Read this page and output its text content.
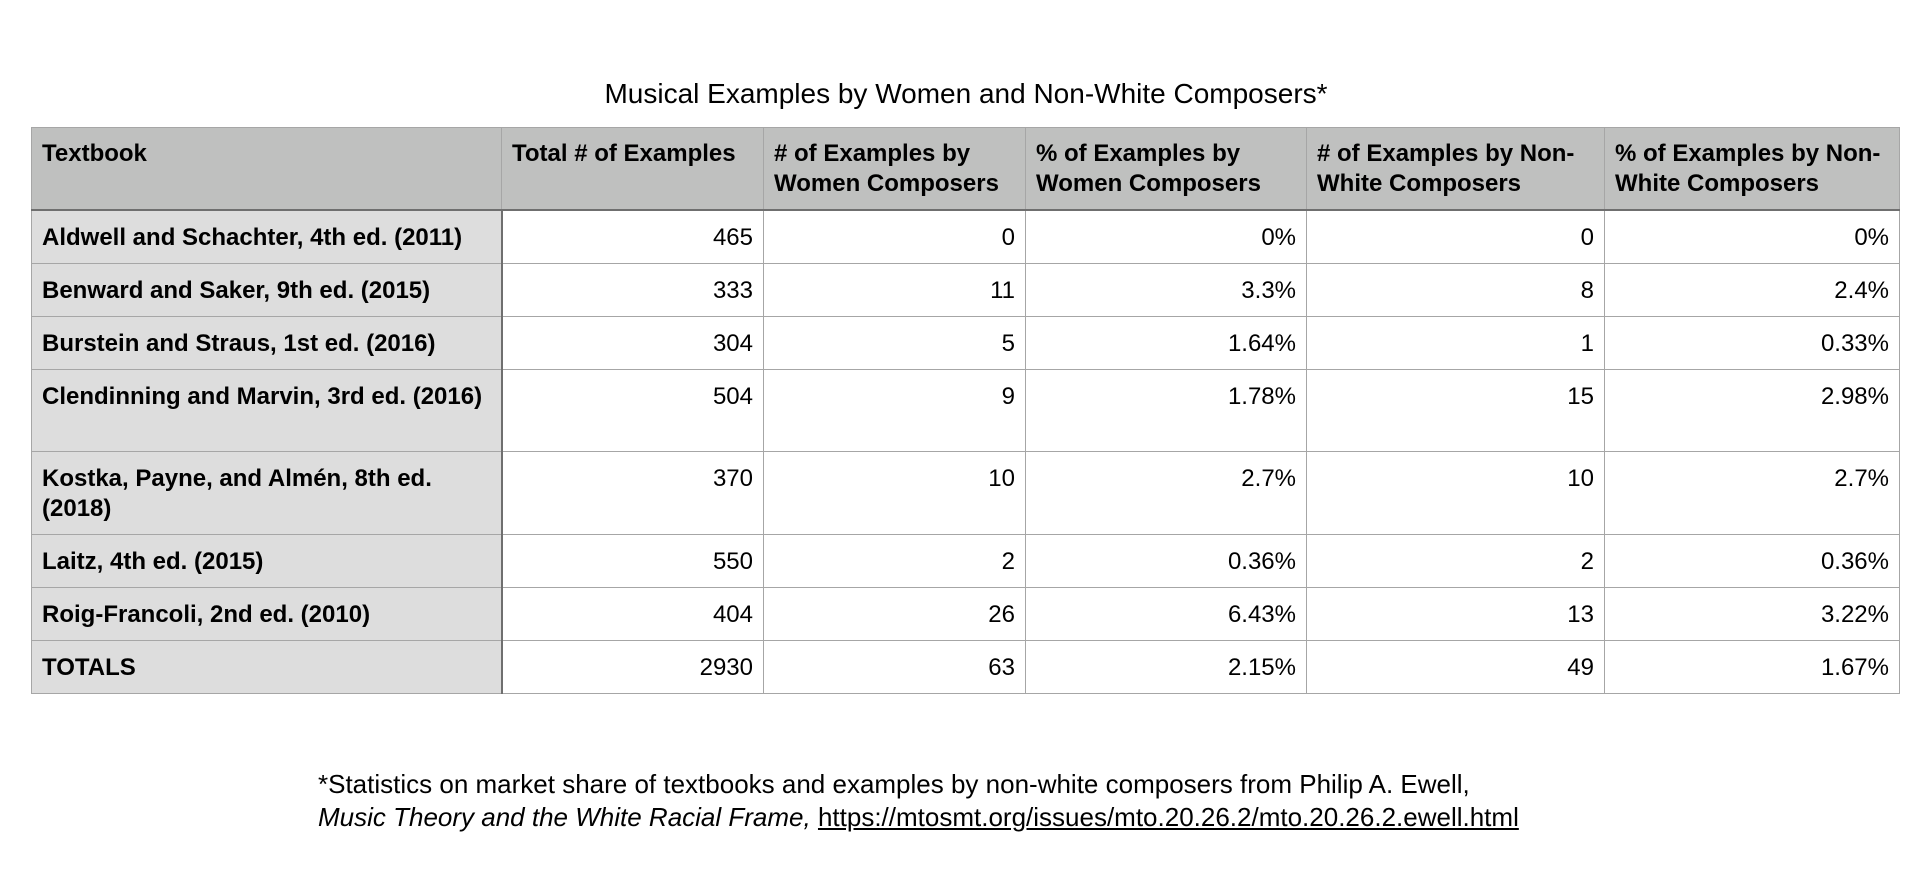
Musical Examples by Women and Non-White Composers*
Textbook	Total # of Examples	# of Examples by Women Composers	% of Examples by Women Composers	# of Examples by Non-White Composers	% of Examples by Non-White Composers
Aldwell and Schachter, 4th ed. (2011)	465	0	0%	0	0%
Benward and Saker, 9th ed. (2015)	333	11	3.3%	8	2.4%
Burstein and Straus, 1st ed. (2016)	304	5	1.64%	1	0.33%
Clendinning and Marvin, 3rd ed. (2016)	504	9	1.78%	15	2.98%
Kostka, Payne, and Almén, 8th ed. (2018)	370	10	2.7%	10	2.7%
Laitz, 4th ed. (2015)	550	2	0.36%	2	0.36%
Roig-Francoli, 2nd ed. (2010)	404	26	6.43%	13	3.22%
TOTALS	2930	63	2.15%	49	1.67%
*Statistics on market share of textbooks and examples by non-white composers from Philip A. Ewell,
Music Theory and the White Racial Frame, https://mtosmt.org/issues/mto.20.26.2/mto.20.26.2.ewell.html
